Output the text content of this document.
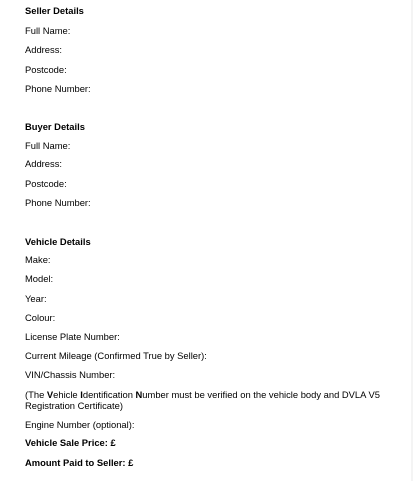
Seller Details
Full Name:
Address:
Postcode:
Phone Number:
Buyer Details
Full Name:
Address:
Postcode:
Phone Number:
Vehicle Details
Make:
Model:
Year:
Colour:
License Plate Number:
Current Mileage (Confirmed True by Seller):
VIN/Chassis Number:
(The Vehicle Identification Number must be verified on the vehicle body and DVLA V5 Registration Certificate)
Engine Number (optional):
Vehicle Sale Price: £
Amount Paid to Seller: £
